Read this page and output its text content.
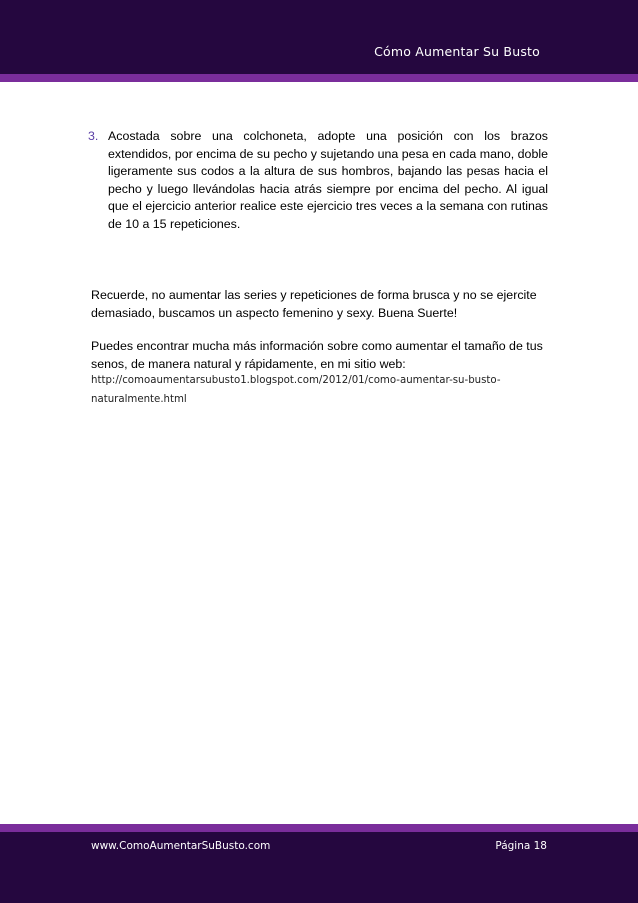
Cómo Aumentar Su Busto
3. Acostada sobre una colchoneta, adopte una posición con los brazos extendidos, por encima de su pecho y sujetando una pesa en cada mano, doble ligeramente sus codos a la altura de sus hombros, bajando las pesas hacia el pecho y luego llevándolas hacia atrás siempre por encima del pecho. Al igual que el ejercicio anterior realice este ejercicio tres veces a la semana con rutinas de 10 a 15 repeticiones.
Recuerde, no aumentar las series y repeticiones de forma brusca y no se ejercite demasiado, buscamos un aspecto femenino y sexy. Buena Suerte!
Puedes encontrar mucha más información sobre como aumentar el tamaño de tus senos, de manera natural y rápidamente, en mi sitio web:
http://comoaumentarsubusto1.blogspot.com/2012/01/como-aumentar-su-busto-naturalmente.html
www.ComoAumentarSuBusto.com	Página 18
